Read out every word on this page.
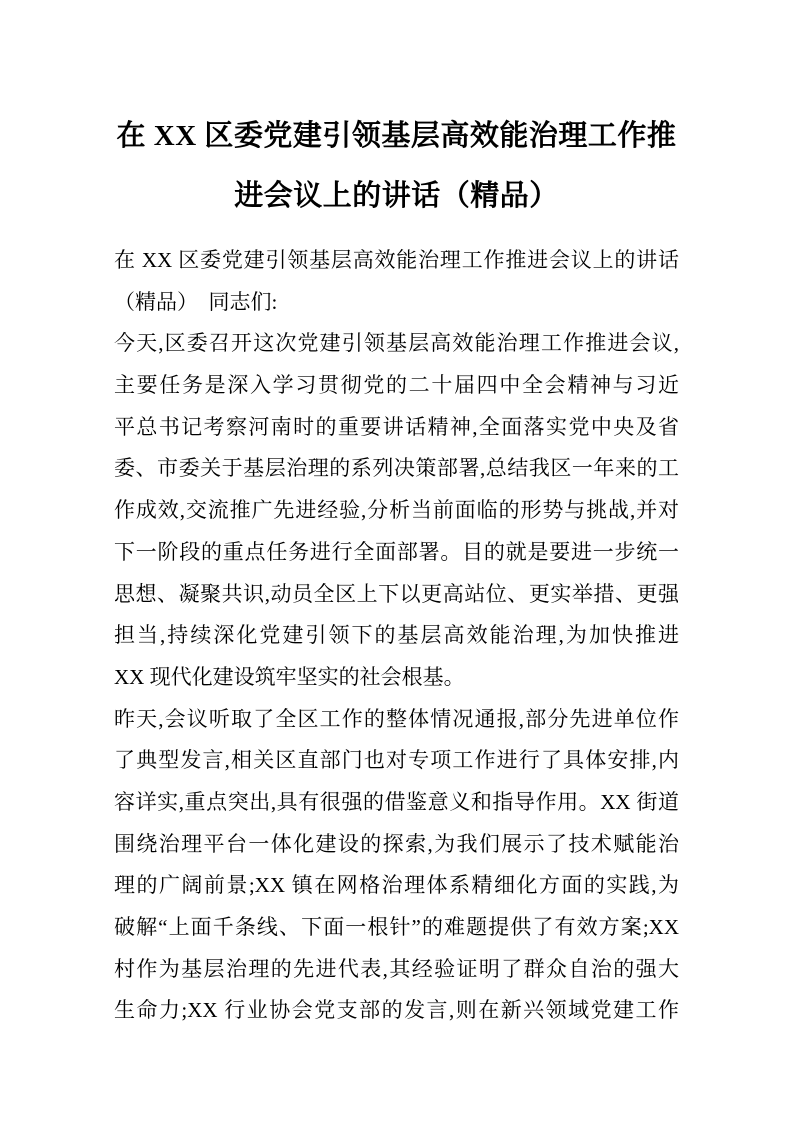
在 XX 区委党建引领基层高效能治理工作推
进会议上的讲话（精品）
在 XX 区委党建引领基层高效能治理工作推进会议上的讲话
（精品）　同志们:
今天,区委召开这次党建引领基层高效能治理工作推进会议,
主要任务是深入学习贯彻党的二十届四中全会精神与习近
平总书记考察河南时的重要讲话精神,全面落实党中央及省
委、市委关于基层治理的系列决策部署,总结我区一年来的工
作成效,交流推广先进经验,分析当前面临的形势与挑战,并对
下一阶段的重点任务进行全面部署。目的就是要进一步统一
思想、凝聚共识,动员全区上下以更高站位、更实举措、更强
担当,持续深化党建引领下的基层高效能治理,为加快推进
XX 现代化建设筑牢坚实的社会根基。
昨天,会议听取了全区工作的整体情况通报,部分先进单位作
了典型发言,相关区直部门也对专项工作进行了具体安排,内
容详实,重点突出,具有很强的借鉴意义和指导作用。XX 街道
围绕治理平台一体化建设的探索,为我们展示了技术赋能治
理的广阔前景;XX 镇在网格治理体系精细化方面的实践,为
破解“上面千条线、下面一根针”的难题提供了有效方案;XX
村作为基层治理的先进代表,其经验证明了群众自治的强大
生命力;XX 行业协会党支部的发言,则在新兴领域党建工作
